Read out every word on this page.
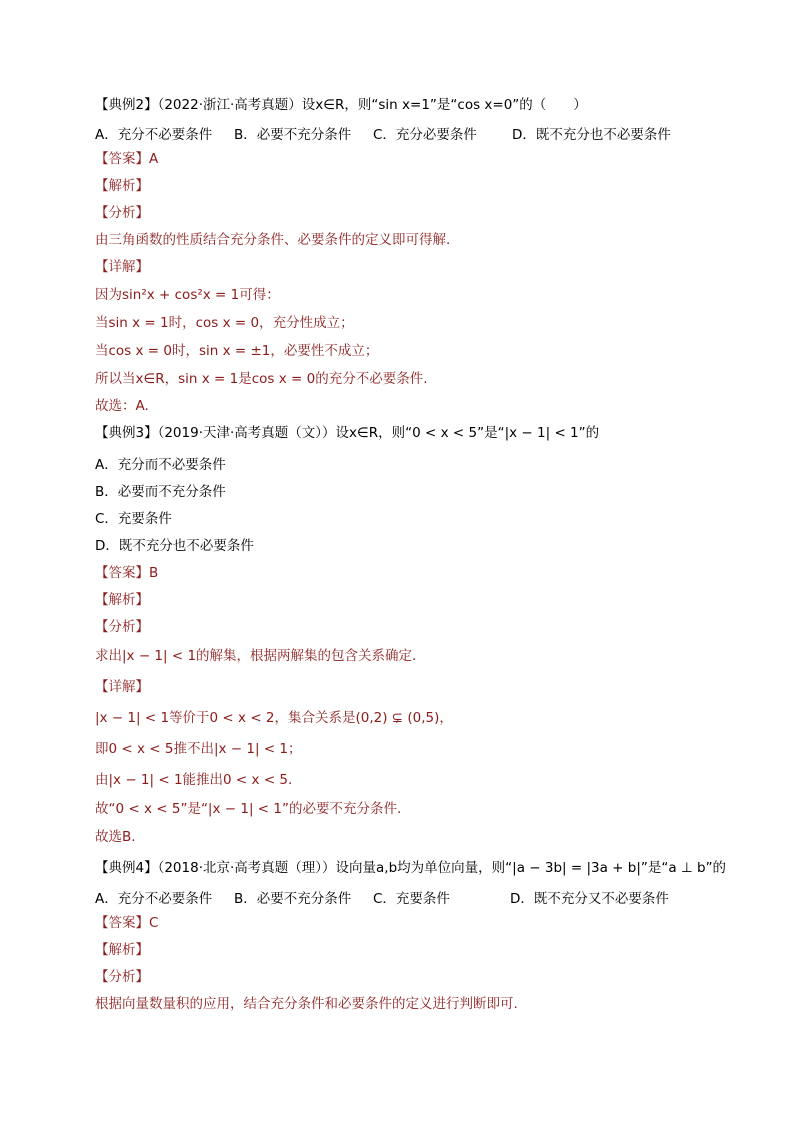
【典例2】（2022·浙江·高考真题）设x∈R，则“sin x=1”是“cos x=0”的（　　）
A．充分不必要条件 B．必要不充分条件 C．充分必要条件	D．既不充分也不必要条件
【答案】A
【解析】
【分析】
由三角函数的性质结合充分条件、必要条件的定义即可得解.
【详解】
因为sin²x + cos²x = 1可得：
当sin x = 1时，cos x = 0，充分性成立；
当cos x = 0时，sin x = ±1，必要性不成立；
所以当x∈R，sin x = 1是cos x = 0的充分不必要条件.
故选：A.
【典例3】（2019·天津·高考真题（文））设x∈R，则“0 < x < 5”是“|x − 1| < 1”的
A．充分而不必要条件
B．必要而不充分条件
C．充要条件
D．既不充分也不必要条件
【答案】B
【解析】
【分析】
求出|x − 1| < 1的解集，根据两解集的包含关系确定.
【详解】
|x − 1| < 1等价于0 < x < 2，集合关系是(0,2) ⊊ (0,5)，
即0 < x < 5推不出|x − 1| < 1；
由|x − 1| < 1能推出0 < x < 5.
故“0 < x < 5”是“|x − 1| < 1”的必要不充分条件.
故选B.
【典例4】（2018·北京·高考真题（理））设向量a,b均为单位向量，则“|a − 3b| = |3a + b|”是“a ⊥ b”的
A．充分不必要条件 B．必要不充分条件 C．充要条件	D．既不充分又不必要条件
【答案】C
【解析】
【分析】
根据向量数量积的应用，结合充分条件和必要条件的定义进行判断即可.
